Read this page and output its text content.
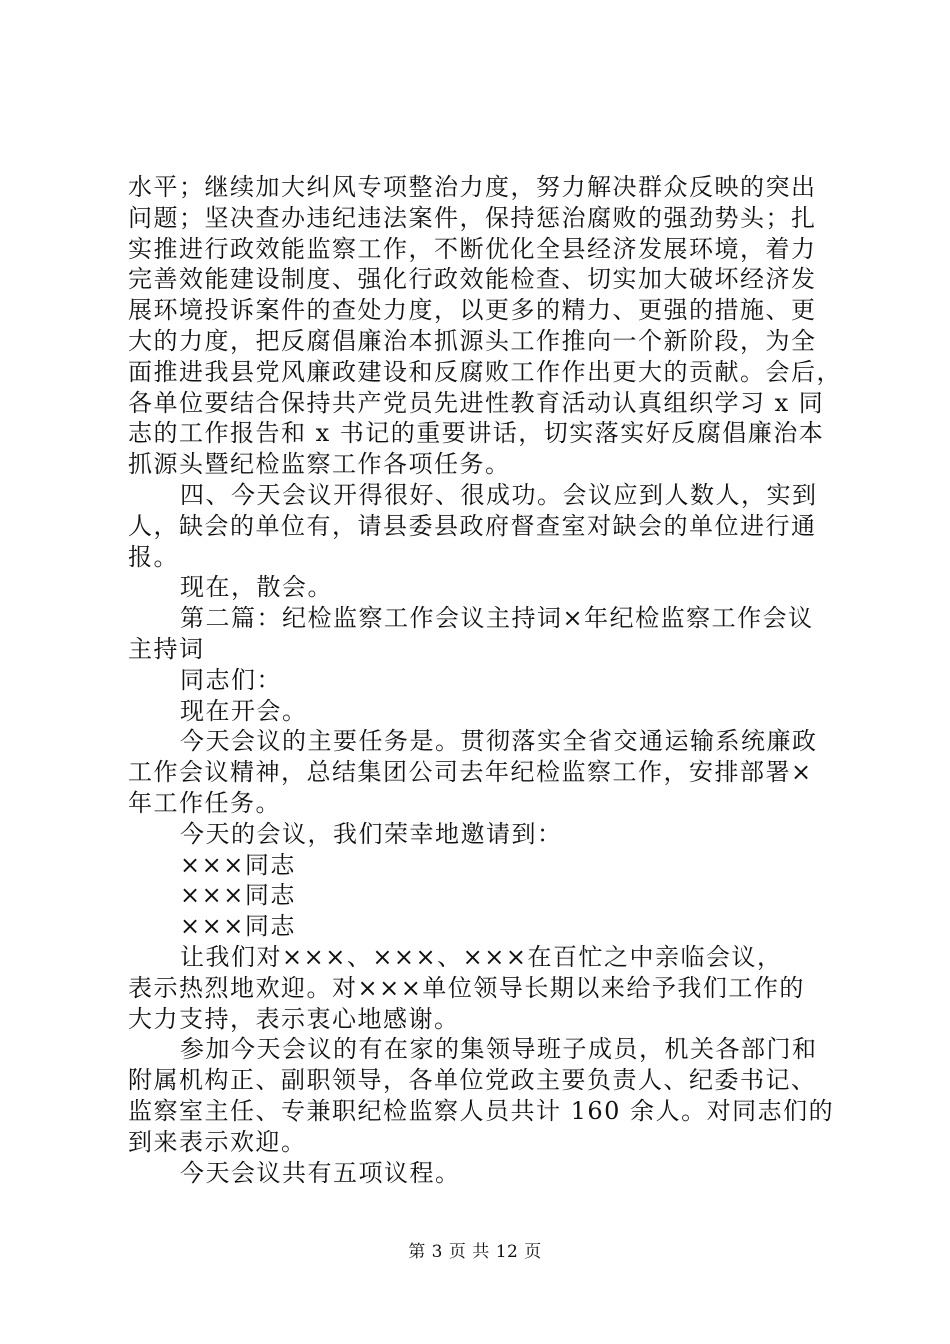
水平；继续加大纠风专项整治力度，努力解决群众反映的突出
问题；坚决查办违纪违法案件，保持惩治腐败的强劲势头；扎
实推进行政效能监察工作，不断优化全县经济发展环境，着力
完善效能建设制度、强化行政效能检查、切实加大破坏经济发
展环境投诉案件的查处力度，以更多的精力、更强的措施、更
大的力度，把反腐倡廉治本抓源头工作推向一个新阶段，为全
面推进我县党风廉政建设和反腐败工作作出更大的贡献。会后，
各单位要结合保持共产党员先进性教育活动认真组织学习 x 同
志的工作报告和 x 书记的重要讲话，切实落实好反腐倡廉治本
抓源头暨纪检监察工作各项任务。
四、今天会议开得很好、很成功。会议应到人数人，实到
人，缺会的单位有，请县委县政府督查室对缺会的单位进行通
报。
现在，散会。
第二篇：纪检监察工作会议主持词×年纪检监察工作会议
主持词
同志们：
现在开会。
今天会议的主要任务是。贯彻落实全省交通运输系统廉政
工作会议精神，总结集团公司去年纪检监察工作，安排部署×
年工作任务。
今天的会议，我们荣幸地邀请到：
×××同志
×××同志
×××同志
让我们对×××、×××、×××在百忙之中亲临会议，
表示热烈地欢迎。对×××单位领导长期以来给予我们工作的
大力支持，表示衷心地感谢。
参加今天会议的有在家的集领导班子成员，机关各部门和
附属机构正、副职领导，各单位党政主要负责人、纪委书记、
监察室主任、专兼职纪检监察人员共计 160 余人。对同志们的
到来表示欢迎。
今天会议共有五项议程。
第 3 页 共 12 页
